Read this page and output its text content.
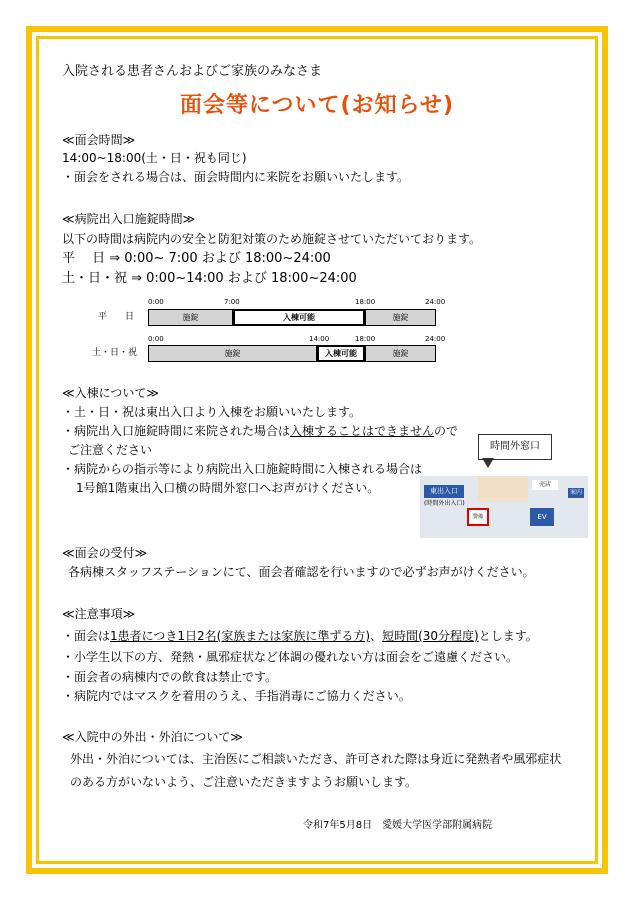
入院される患者さんおよびご家族のみなさま
面会等について(お知らせ)
≪面会時間≫
14:00~18:00(土・日・祝も同じ)
・面会をされる場合は、面会時間内に来院をお願いいたします。
≪病院出入口施錠時間≫
以下の時間は病院内の安全と防犯対策のため施錠させていただいております。
平　 日 ⇒ 0:00~ 7:00 および 18:00~24:00
土・日・祝 ⇒ 0:00~14:00 および 18:00~24:00
平　　日
0:00	7:00	18:00	24:00
施錠	入棟可能	施錠
土・日・祝
0:00	14:00	18:00	24:00
施錠	入棟可能	施錠
≪入棟について≫
・土・日・祝は東出入口より入棟をお願いいたします。
・病院出入口施錠時間に来院された場合は入棟することはできませんので
ご注意ください
・病院からの指示等により病院出入口施錠時間に入棟される場合は
1号館1階東出入口横の時間外窓口へお声がけください。
時間外窓口
東出入口
(時間外出入口)
売店
案内
警備	EV
≪面会の受付≫
各病棟スタッフステーションにて、面会者確認を行いますので必ずお声がけください。
≪注意事項≫
・面会は1患者につき1日2名(家族または家族に準ずる方)、短時間(30分程度)とします。
・小学生以下の方、発熱・風邪症状など体調の優れない方は面会をご遠慮ください。
・面会者の病棟内での飲食は禁止です。
・病院内ではマスクを着用のうえ、手指消毒にご協力ください。
≪入院中の外出・外泊について≫
外出・外泊については、主治医にご相談いただき、許可された際は身近に発熱者や風邪症状
のある方がいないよう、ご注意いただきますようお願いします。
令和7年5月8日　愛媛大学医学部附属病院
